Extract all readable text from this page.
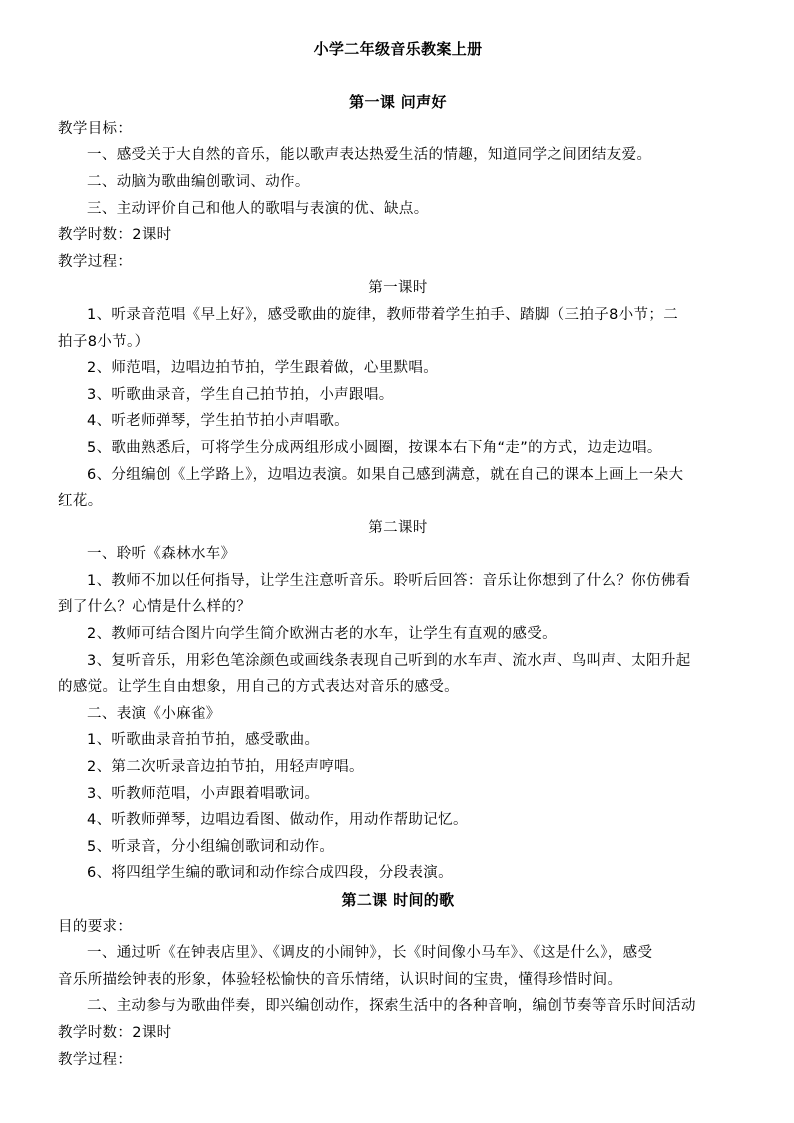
小学二年级音乐教案上册
第一课 问声好
教学目标：
一、感受关于大自然的音乐，能以歌声表达热爱生活的情趣，知道同学之间团结友爱。
二、动脑为歌曲编创歌词、动作。
三、主动评价自己和他人的歌唱与表演的优、缺点。
教学时数：2课时
教学过程：
第一课时
1、听录音范唱《早上好》，感受歌曲的旋律，教师带着学生拍手、踏脚（三拍子8小节；二
拍子8小节。）
2、师范唱，边唱边拍节拍，学生跟着做，心里默唱。
3、听歌曲录音，学生自己拍节拍，小声跟唱。
4、听老师弹琴，学生拍节拍小声唱歌。
5、歌曲熟悉后，可将学生分成两组形成小圆圈，按课本右下角“走”的方式，边走边唱。
6、分组编创《上学路上》，边唱边表演。如果自己感到满意，就在自己的课本上画上一朵大
红花。
第二课时
一、聆听《森林水车》
1、教师不加以任何指导，让学生注意听音乐。聆听后回答：音乐让你想到了什么？你仿佛看
到了什么？心情是什么样的？
2、教师可结合图片向学生简介欧洲古老的水车，让学生有直观的感受。
3、复听音乐，用彩色笔涂颜色或画线条表现自己听到的水车声、流水声、鸟叫声、太阳升起
的感觉。让学生自由想象，用自己的方式表达对音乐的感受。
二、表演《小麻雀》
1、听歌曲录音拍节拍，感受歌曲。
2、第二次听录音边拍节拍，用轻声哼唱。
3、听教师范唱，小声跟着唱歌词。
4、听教师弹琴，边唱边看图、做动作，用动作帮助记忆。
5、听录音，分小组编创歌词和动作。
6、将四组学生编的歌词和动作综合成四段，分段表演。
第二课 时间的歌
目的要求：
一、通过听《在钟表店里》、《调皮的小闹钟》，长《时间像小马车》、《这是什么》，感受
音乐所描绘钟表的形象，体验轻松愉快的音乐情绪，认识时间的宝贵，懂得珍惜时间。
二、主动参与为歌曲伴奏，即兴编创动作，探索生活中的各种音响，编创节奏等音乐时间活动
教学时数：2课时
教学过程：
